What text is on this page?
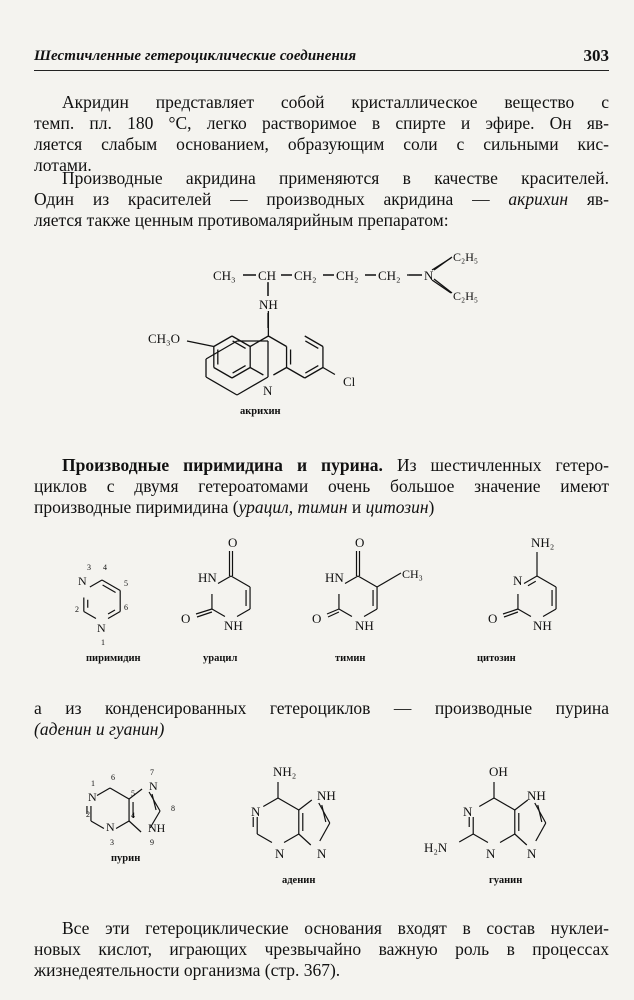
Шестичленные гетероциклические соединения	303
Акридин представляет собой кристаллическое вещество с
темп. пл. 180 °С, легко растворимое в спирте и эфире. Он яв-
ляется слабым основанием, образующим соли с сильными кис-
лотами.
Производные акридина применяются в качестве красителей.
Один из красителей — производных акридина — акрихин яв-
ляется также ценным противомалярийным препаратом:
Производные пиримидина и пурина. Из шестичленных гетеро-
циклов с двумя гетероатомами очень большое значение имеют
производные пиримидина (урацил, тимин и цитозин)
а из конденсированных гетероциклов — производные пурина
(аденин и гуанин)
Все эти гетероциклические основания входят в состав нуклеи-
новых кислот, играющих чрезвычайно важную роль в процессах
жизнедеятельности организма (стр. 367).
CH₃ CH CH₂ CH₂ CH₂ N
C₂H₅
C₂H₅
NH
CH₃O
N
Cl
акрихин
N
N
1
2
3 4
5
6
пиримидин
O
HN
O	NH
урацил
O
HN	CH₃
O	NH
тимин
NH₂
N
O	NH
цитозин
N
N
N
NH
1
2
3
4
5
6
7
8
9
пурин
NH₂
N
N
NH
N
аденин
OH
N
N
H₂N
NH
N
гуанин
